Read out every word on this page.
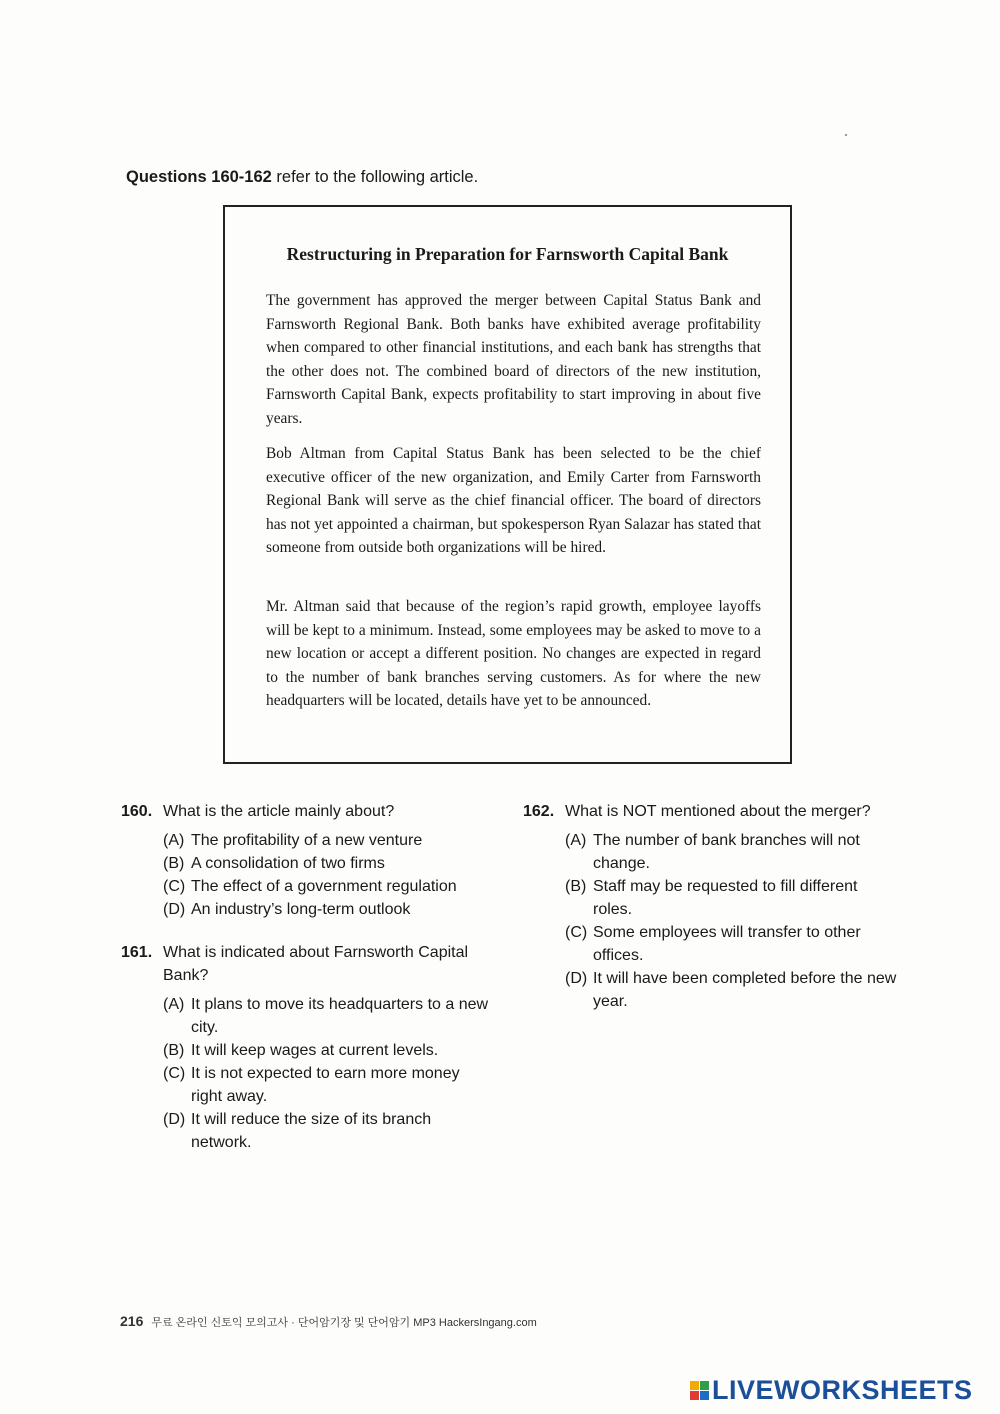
Questions 160-162 refer to the following article.
Restructuring in Preparation for Farnsworth Capital Bank

The government has approved the merger between Capital Status Bank and Farnsworth Regional Bank. Both banks have exhibited average profitability when compared to other financial institutions, and each bank has strengths that the other does not. The combined board of directors of the new institution, Farnsworth Capital Bank, expects profitability to start improving in about five years.

Bob Altman from Capital Status Bank has been selected to be the chief executive officer of the new organization, and Emily Carter from Farnsworth Regional Bank will serve as the chief financial officer. The board of directors has not yet appointed a chairman, but spokesperson Ryan Salazar has stated that someone from outside both organizations will be hired.

Mr. Altman said that because of the region’s rapid growth, employee layoffs will be kept to a minimum. Instead, some employees may be asked to move to a new location or accept a different position. No changes are expected in regard to the number of bank branches serving customers. As for where the new headquarters will be located, details have yet to be announced.

160. What is the article mainly about?
(A) The profitability of a new venture
(B) A consolidation of two firms
(C) The effect of a government regulation
(D) An industry’s long-term outlook
161. What is indicated about Farnsworth Capital Bank?
(A) It plans to move its headquarters to a new city.
(B) It will keep wages at current levels.
(C) It is not expected to earn more money right away.
(D) It will reduce the size of its branch network.
162. What is NOT mentioned about the merger?
(A) The number of bank branches will not change.
(B) Staff may be requested to fill different roles.
(C) Some employees will transfer to other offices.
(D) It will have been completed before the new year.
216 무료 온라인 신토익 모의고사 · 단어암기장 및 단어암기 MP3 HackersIngang.com
LIVEWORKSHEETS
